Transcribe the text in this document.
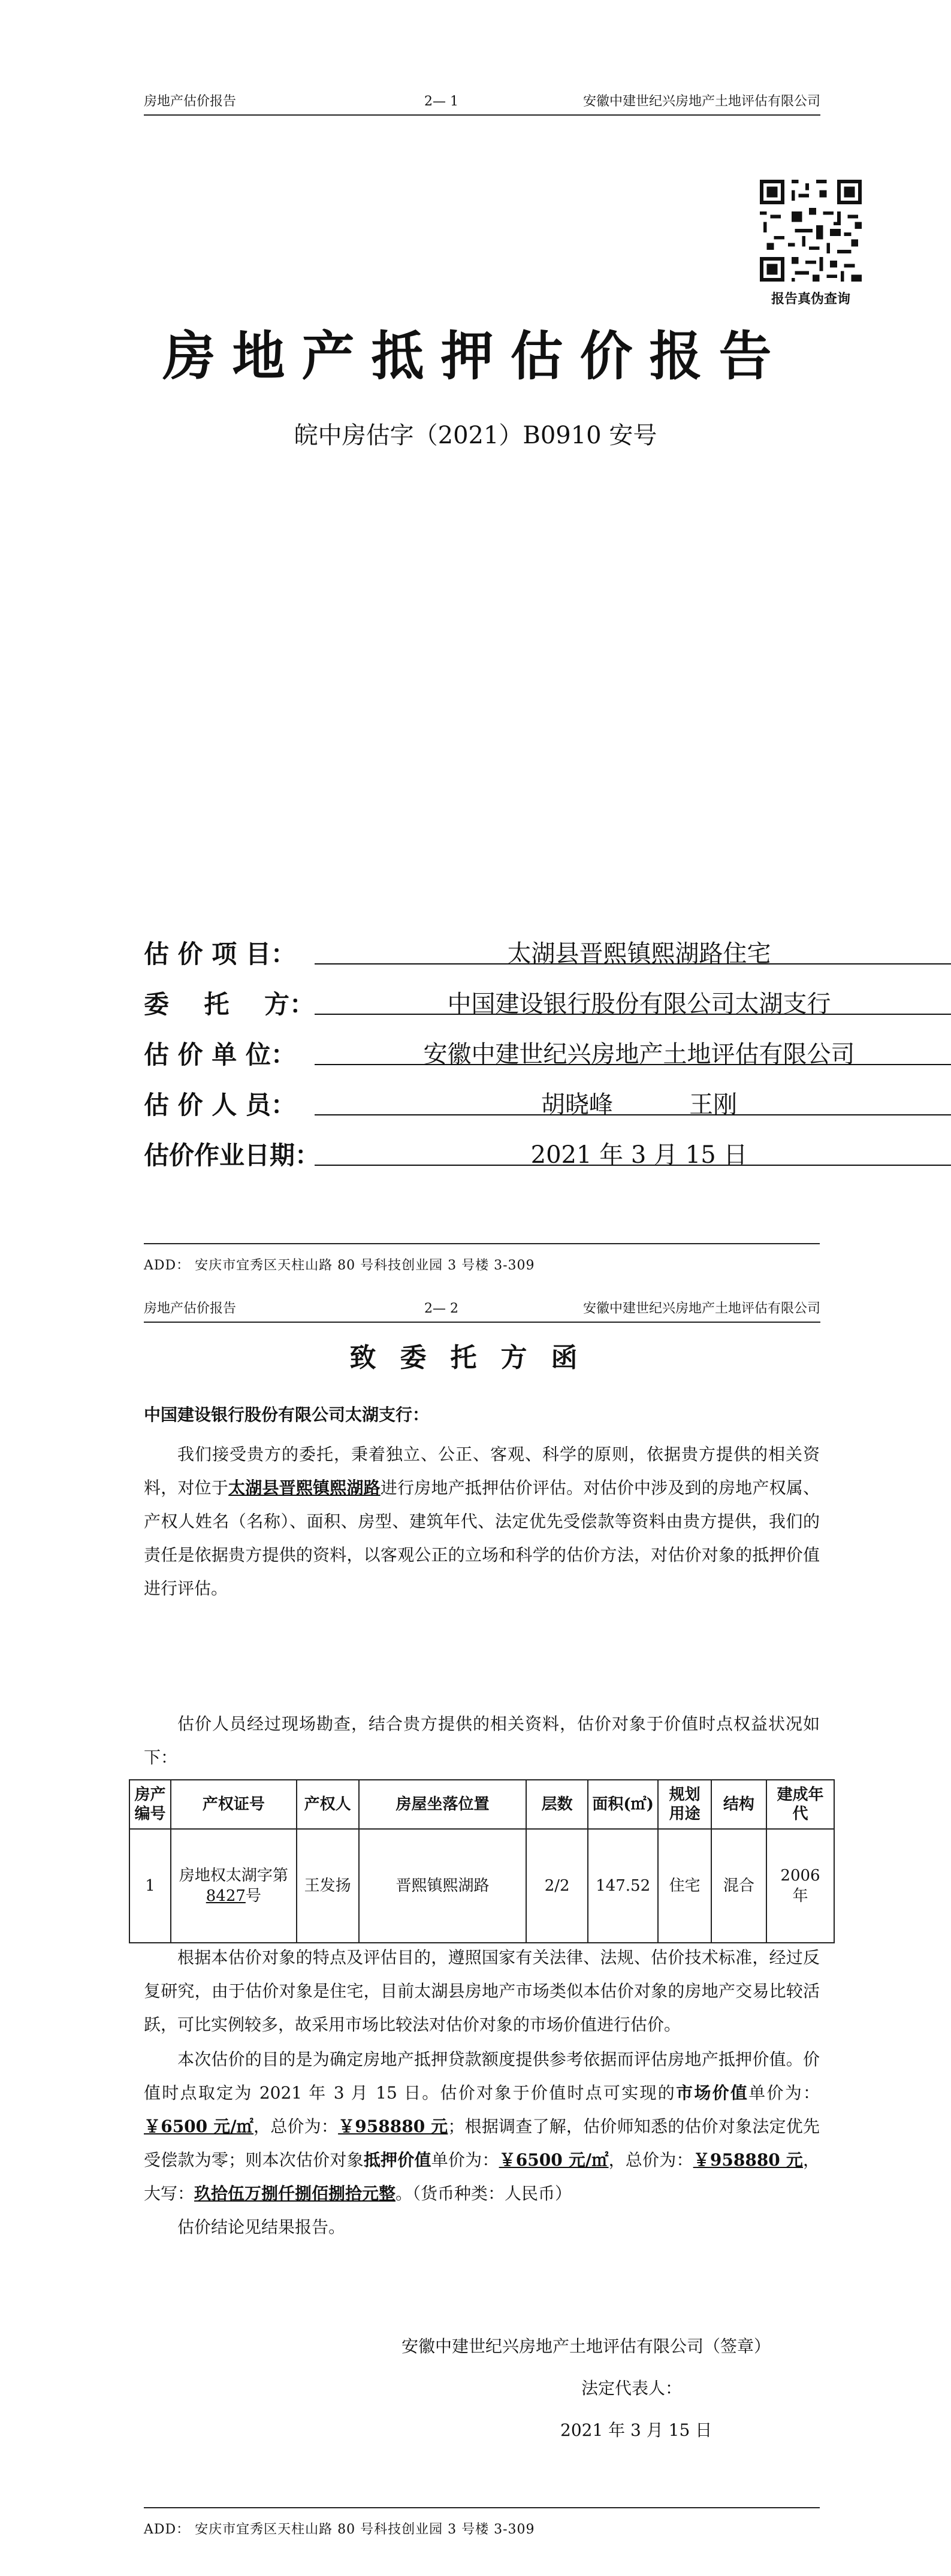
房地产估价报告	2— 1	安徽中建世纪兴房地产土地评估有限公司
报告真伪查询
房地产抵押估价报告
皖中房估字（2021）B0910 安号
估 价 项 目：	太湖县晋熙镇熙湖路住宅
委    托    方：	中国建设银行股份有限公司太湖支行
估 价 单 位：	安徽中建世纪兴房地产土地评估有限公司
估 价 人 员：	胡晓峰          王刚
估价作业日期：	2021 年 3 月 15 日
ADD： 安庆市宜秀区天柱山路 80 号科技创业园 3 号楼 3-309
房地产估价报告	2— 2	安徽中建世纪兴房地产土地评估有限公司
致委托方函
中国建设银行股份有限公司太湖支行：
我们接受贵方的委托，秉着独立、公正、客观、科学的原则，依据贵方提供的相关资料，对位于太湖县晋熙镇熙湖路进行房地产抵押估价评估。对估价中涉及到的房地产权属、产权人姓名（名称）、面积、房型、建筑年代、法定优先受偿款等资料由贵方提供，我们的责任是依据贵方提供的资料，以客观公正的立场和科学的估价方法，对估价对象的抵押价值进行评估。
估价人员经过现场勘查，结合贵方提供的相关资料，估价对象于价值时点权益状况如下：
房产编号	产权证号	产权人	房屋坐落位置	层数	面积(㎡)	规划用途	结构	建成年代
1	房地权太湖字第8427号	王发扬	晋熙镇熙湖路	2/2	147.52	住宅	混合	2006 年
根据本估价对象的特点及评估目的，遵照国家有关法律、法规、估价技术标准，经过反复研究，由于估价对象是住宅，目前太湖县房地产市场类似本估价对象的房地产交易比较活跃，可比实例较多，故采用市场比较法对估价对象的市场价值进行估价。
本次估价的目的是为确定房地产抵押贷款额度提供参考依据而评估房地产抵押价值。价值时点取定为 2021 年 3 月 15 日。估价对象于价值时点可实现的市场价值单价为：￥6500 元/㎡，总价为：￥958880 元；根据调查了解，估价师知悉的估价对象法定优先受偿款为零；则本次估价对象抵押价值单价为：￥6500 元/㎡，总价为：￥958880 元，大写：玖拾伍万捌仟捌佰捌拾元整。（货币种类：人民币）
估价结论见结果报告。
安徽中建世纪兴房地产土地评估有限公司（签章）
法定代表人：
2021 年 3 月 15 日
ADD： 安庆市宜秀区天柱山路 80 号科技创业园 3 号楼 3-309
